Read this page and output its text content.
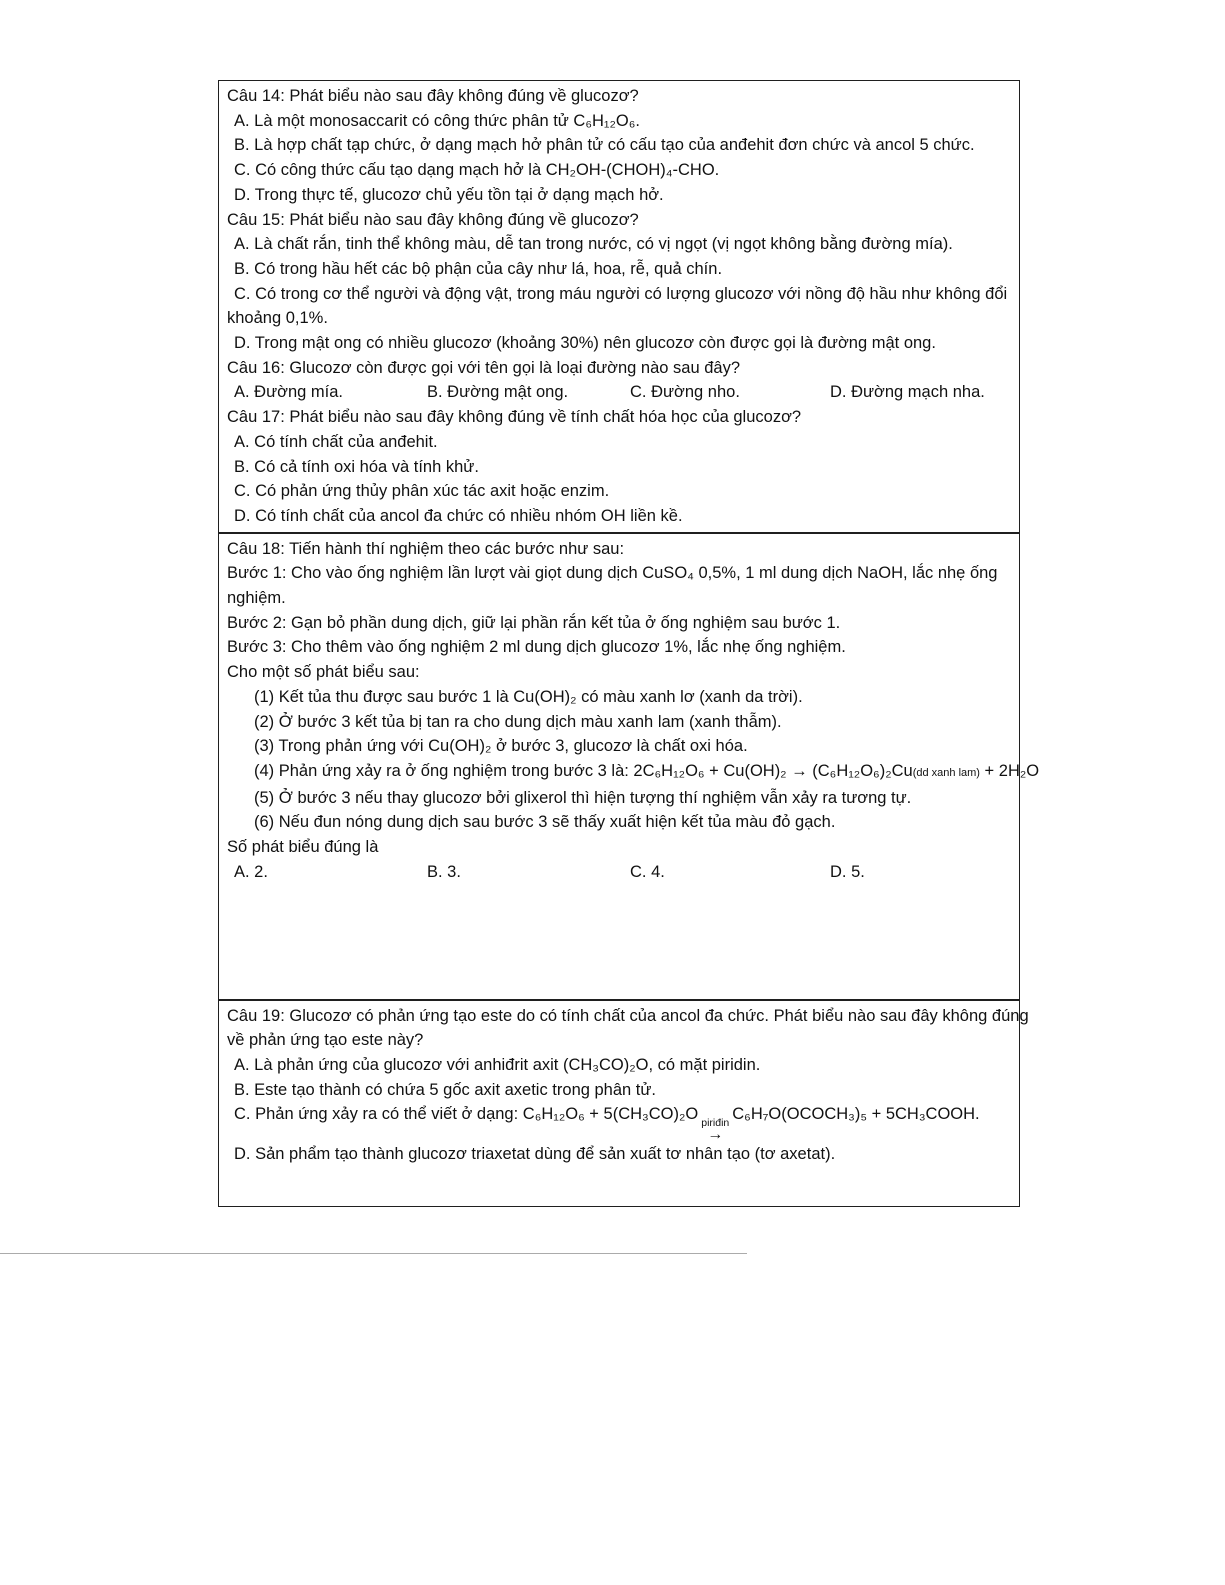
Câu 14: Phát biểu nào sau đây không đúng về glucozơ?
A. Là một monosaccarit có công thức phân tử C₆H₁₂O₆.
B. Là hợp chất tạp chức, ở dạng mạch hở phân tử có cấu tạo của anđehit đơn chức và ancol 5 chức.
C. Có công thức cấu tạo dạng mạch hở là CH₂OH-(CHOH)₄-CHO.
D. Trong thực tế, glucozơ chủ yếu tồn tại ở dạng mạch hở.
Câu 15: Phát biểu nào sau đây không đúng về glucozơ?
A. Là chất rắn, tinh thể không màu, dễ tan trong nước, có vị ngọt (vị ngọt không bằng đường mía).
B. Có trong hầu hết các bộ phận của cây như lá, hoa, rễ, quả chín.
C. Có trong cơ thể người và động vật, trong máu người có lượng glucozơ với nồng độ hầu như không đổi
khoảng 0,1%.
D. Trong mật ong có nhiều glucozơ (khoảng 30%) nên glucozơ còn được gọi là đường mật ong.
Câu 16: Glucozơ còn được gọi với tên gọi là loại đường nào sau đây?
A. Đường mía.	B. Đường mật ong.	C. Đường nho.	D. Đường mạch nha.
Câu 17: Phát biểu nào sau đây không đúng về tính chất hóa học của glucozơ?
A. Có tính chất của anđehit.
B. Có cả tính oxi hóa và tính khử.
C. Có phản ứng thủy phân xúc tác axit hoặc enzim.
D. Có tính chất của ancol đa chức có nhiều nhóm OH liền kề.
Câu 18: Tiến hành thí nghiệm theo các bước như sau:
Bước 1: Cho vào ống nghiệm lần lượt vài giọt dung dịch CuSO₄ 0,5%, 1 ml dung dịch NaOH, lắc nhẹ ống
nghiệm.
Bước 2: Gạn bỏ phần dung dịch, giữ lại phần rắn kết tủa ở ống nghiệm sau bước 1.
Bước 3: Cho thêm vào ống nghiệm 2 ml dung dịch glucozơ 1%, lắc nhẹ ống nghiệm.
Cho một số phát biểu sau:
(1) Kết tủa thu được sau bước 1 là Cu(OH)₂ có màu xanh lơ (xanh da trời).
(2) Ở bước 3 kết tủa bị tan ra cho dung dịch màu xanh lam (xanh thẫm).
(3) Trong phản ứng với Cu(OH)₂ ở bước 3, glucozơ là chất oxi hóa.
(4) Phản ứng xảy ra ở ống nghiệm trong bước 3 là: 2C₆H₁₂O₆ + Cu(OH)₂ → (C₆H₁₂O₆)₂Cu(dd xanh lam) + 2H₂O
(5) Ở bước 3 nếu thay glucozơ bởi glixerol thì hiện tượng thí nghiệm vẫn xảy ra tương tự.
(6) Nếu đun nóng dung dịch sau bước 3 sẽ thấy xuất hiện kết tủa màu đỏ gạch.
Số phát biểu đúng là
A. 2.	B. 3.	C. 4.	D. 5.
Câu 19: Glucozơ có phản ứng tạo este do có tính chất của ancol đa chức. Phát biểu nào sau đây không đúng
về phản ứng tạo este này?
A. Là phản ứng của glucozơ với anhiđrit axit (CH₃CO)₂O, có mặt piridin.
B. Este tạo thành có chứa 5 gốc axit axetic trong phân tử.
C. Phản ứng xảy ra có thể viết ở dạng: C₆H₁₂O₆ + 5(CH₃CO)₂O piriđin
→
C₆H₇O(OCOCH₃)₅ + 5CH₃COOH.
D. Sản phẩm tạo thành glucozơ triaxetat dùng để sản xuất tơ nhân tạo (tơ axetat).
